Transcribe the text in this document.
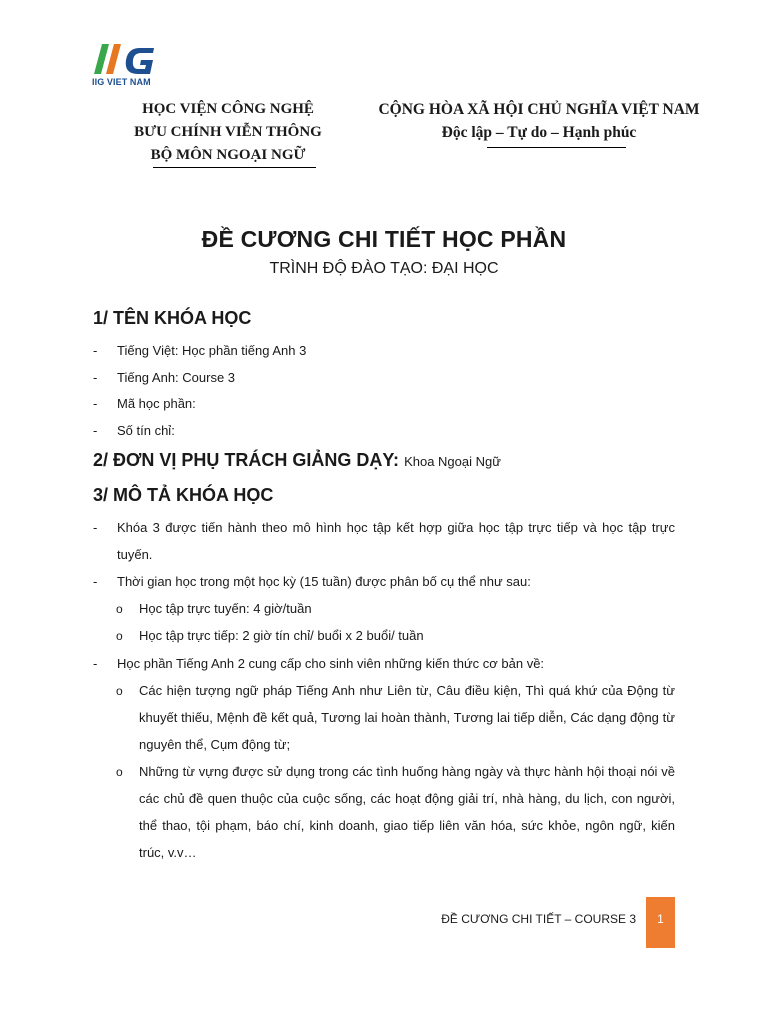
IIG VIET NAM
HỌC VIỆN CÔNG NGHỆ
BƯU CHÍNH VIỄN THÔNG
BỘ MÔN NGOẠI NGỮ
CỘNG HÒA XÃ HỘI CHỦ NGHĨA VIỆT NAM
Độc lập – Tự do – Hạnh phúc
ĐỀ CƯƠNG CHI TIẾT HỌC PHẦN
TRÌNH ĐỘ ĐÀO TẠO: ĐẠI HỌC
1/ TÊN KHÓA HỌC
- Tiếng Việt: Học phần tiếng Anh 3
- Tiếng Anh: Course 3
- Mã học phần:
- Số tín chỉ:
2/ ĐƠN VỊ PHỤ TRÁCH GIẢNG DẠY: Khoa Ngoại Ngữ
3/ MÔ TẢ KHÓA HỌC
- Khóa 3 được tiến hành theo mô hình học tập kết hợp giữa học tập trực tiếp và học tập trực tuyến.
- Thời gian học trong một học kỳ (15 tuần) được phân bố cụ thể như sau:
o Học tập trực tuyến: 4 giờ/tuần
o Học tập trực tiếp: 2 giờ tín chỉ/ buổi x 2 buổi/ tuần
- Học phần Tiếng Anh 2 cung cấp cho sinh viên những kiến thức cơ bản về:
o Các hiện tượng ngữ pháp Tiếng Anh như Liên từ, Câu điều kiện, Thì quá khứ của Động từ khuyết thiếu, Mệnh đề kết quả, Tương lai hoàn thành, Tương lai tiếp diễn, Các dạng động từ nguyên thể, Cụm động từ;
o Những từ vựng được sử dụng trong các tình huống hàng ngày và thực hành hội thoại nói về các chủ đề quen thuộc của cuộc sống, các hoạt động giải trí, nhà hàng, du lịch, con người, thể thao, tội phạm, báo chí, kinh doanh, giao tiếp liên văn hóa, sức khỏe, ngôn ngữ, kiến trúc, v.v…
ĐỀ CƯƠNG CHI TIẾT – COURSE 3	1
